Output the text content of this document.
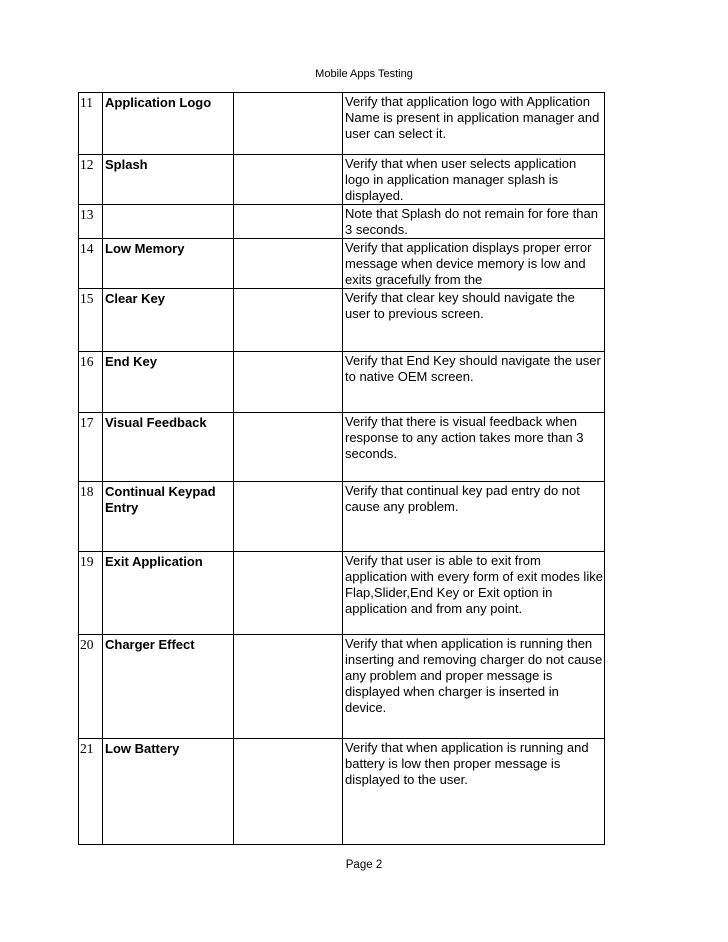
Mobile Apps Testing
11	Application Logo		Verify that application logo with Application Name is present in application manager and user can select it.
12	Splash		Verify that when user selects application logo in application manager splash is displayed.
13			Note that Splash do not remain for fore than 3 seconds.
14	Low Memory		Verify that application displays proper error message when device memory is low and exits gracefully from the
15	Clear Key		Verify that clear key should navigate the user to previous screen.
16	End Key		Verify that End Key should navigate the user to native OEM screen.
17	Visual Feedback		Verify that there is visual feedback when response to any action takes more than 3 seconds.
18	Continual Keypad Entry		Verify that continual key pad entry do not cause any problem.
19	Exit Application		Verify that user is able to exit from application with every form of exit modes like Flap,Slider,End Key or Exit option in application and from any point.
20	Charger Effect		Verify that when application is running then inserting and removing charger do not cause any problem and proper message is displayed when charger is inserted in device.
21	Low Battery		Verify that when application is running and battery is low then proper message is displayed to the user.
Page 2
